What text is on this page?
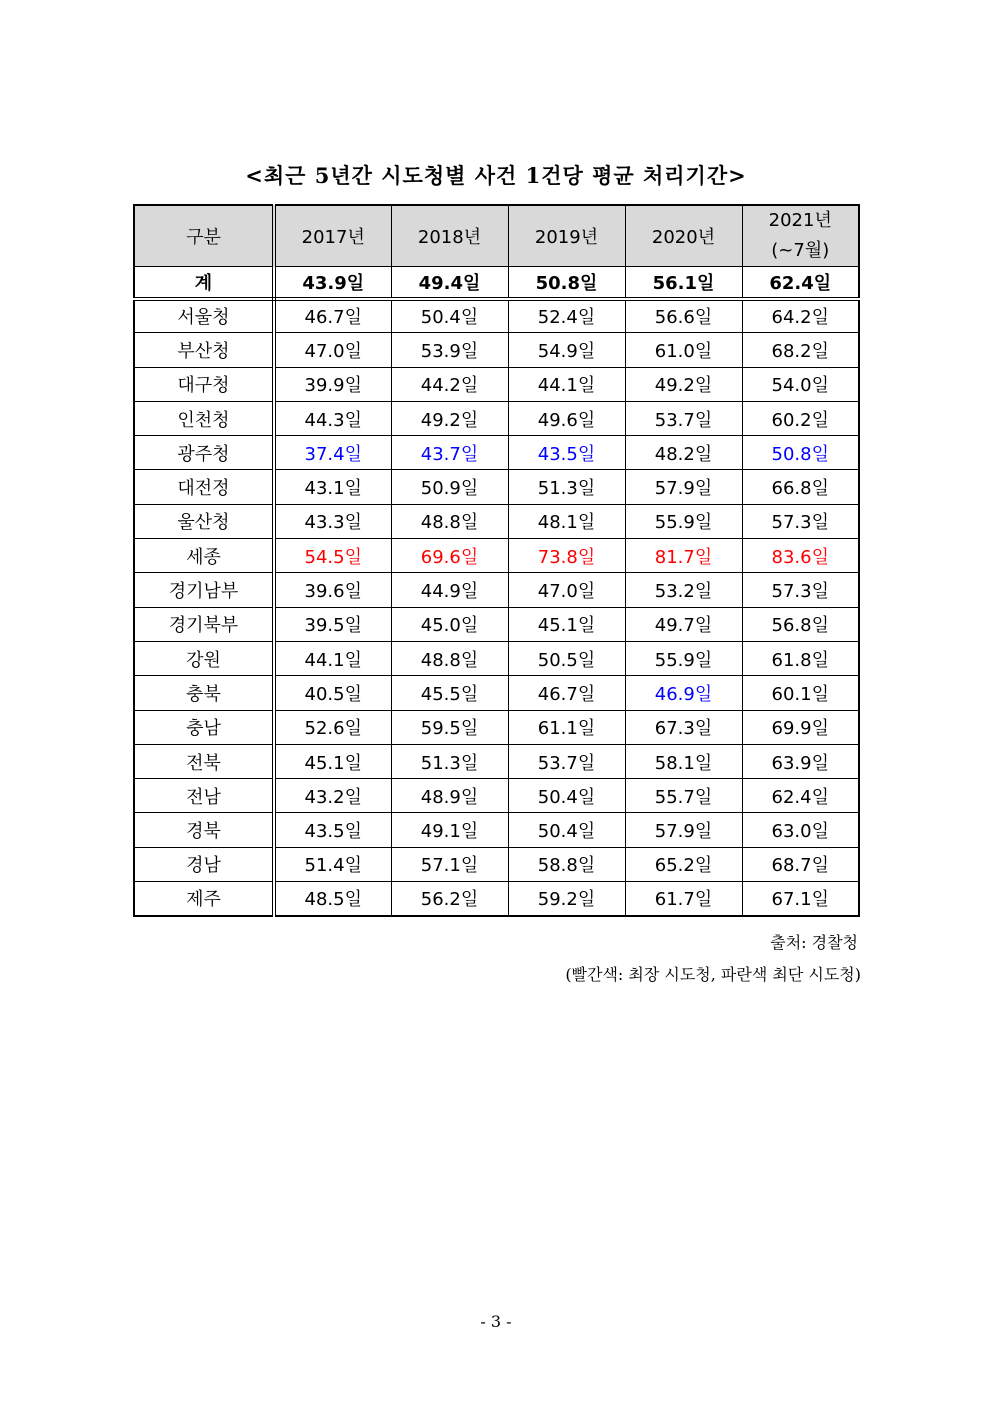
<최근 5년간 시도청별 사건 1건당 평균 처리기간>
구분	2017년	2018년	2019년	2020년	2021년
(~7월)

계	43.9일	49.4일	50.8일	56.1일	62.4일
서울청	46.7일	50.4일	52.4일	56.6일	64.2일
부산청	47.0일	53.9일	54.9일	61.0일	68.2일
대구청	39.9일	44.2일	44.1일	49.2일	54.0일
인천청	44.3일	49.2일	49.6일	53.7일	60.2일
광주청	37.4일	43.7일	43.5일	48.2일	50.8일
대전정	43.1일	50.9일	51.3일	57.9일	66.8일
울산청	43.3일	48.8일	48.1일	55.9일	57.3일
세종	54.5일	69.6일	73.8일	81.7일	83.6일
경기남부	39.6일	44.9일	47.0일	53.2일	57.3일
경기북부	39.5일	45.0일	45.1일	49.7일	56.8일
강원	44.1일	48.8일	50.5일	55.9일	61.8일
충북	40.5일	45.5일	46.7일	46.9일	60.1일
충남	52.6일	59.5일	61.1일	67.3일	69.9일
전북	45.1일	51.3일	53.7일	58.1일	63.9일
전남	43.2일	48.9일	50.4일	55.7일	62.4일
경북	43.5일	49.1일	50.4일	57.9일	63.0일
경남	51.4일	57.1일	58.8일	65.2일	68.7일
제주	48.5일	56.2일	59.2일	61.7일	67.1일
출처: 경찰청
(빨간색: 최장 시도청, 파란색 최단 시도청)
- 3 -
